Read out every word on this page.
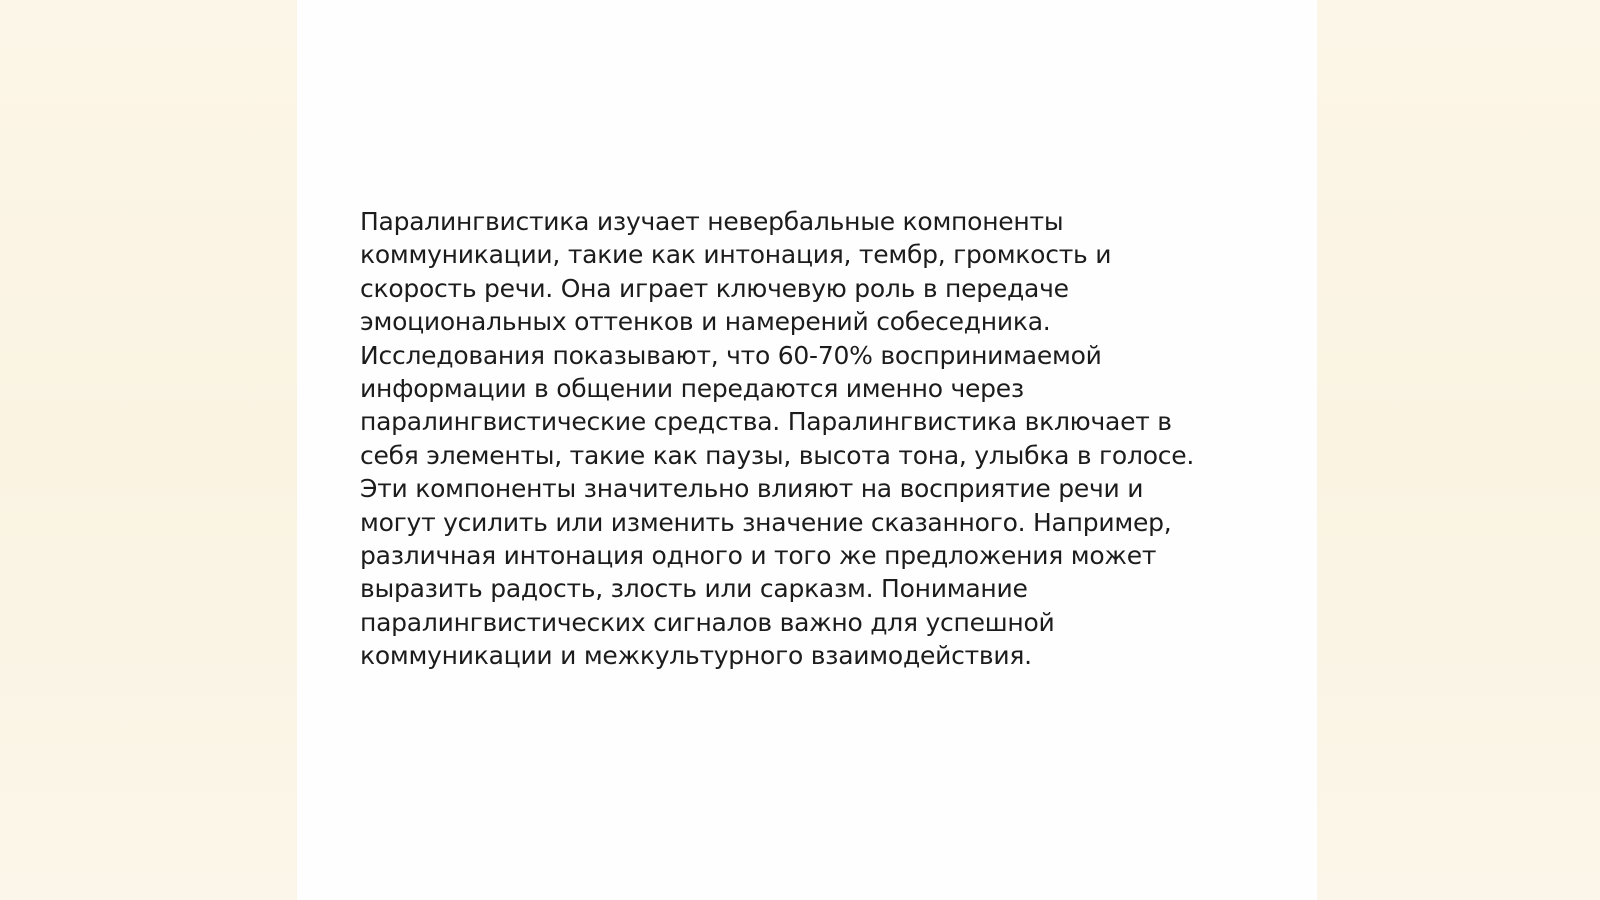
Паралингвистика изучает невербальные компоненты
коммуникации, такие как интонация, тембр, громкость и
скорость речи. Она играет ключевую роль в передаче
эмоциональных оттенков и намерений собеседника.
Исследования показывают, что 60-70% воспринимаемой
информации в общении передаются именно через
паралингвистические средства. Паралингвистика включает в
себя элементы, такие как паузы, высота тона, улыбка в голосе.
Эти компоненты значительно влияют на восприятие речи и
могут усилить или изменить значение сказанного. Например,
различная интонация одного и того же предложения может
выразить радость, злость или сарказм. Понимание
паралингвистических сигналов важно для успешной
коммуникации и межкультурного взаимодействия.
